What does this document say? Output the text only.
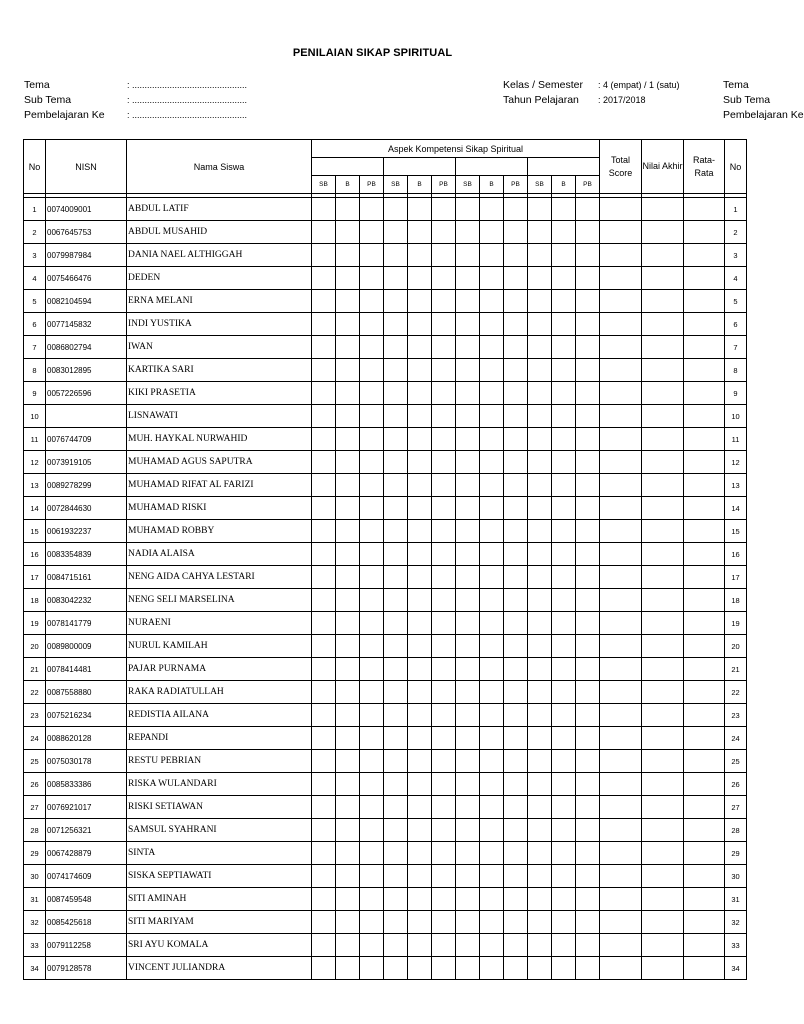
PENILAIAN SIKAP SPIRITUAL
Tema	: ..............................................
Sub Tema	: ..............................................
Pembelajaran Ke : ..............................................
Kelas / Semester : 4 (empat) / 1 (satu)
Tahun Pelajaran : 2017/2018
Tema
Sub Tema
Pembelajaran Ke
No	NISN	Nama Siswa	Aspek Kompetensi Sikap Spiritual												Total Score	Nilai Akhir	Rata-Rata	No

			SB	B	PB	SB	B	PB	SB	B	PB	SB	B	PB				

1	0074009001	ABDUL LATIF																1
2	0067645753	ABDUL MUSAHID																2
3	0079987984	DANIA NAEL ALTHIGGAH																3
4	0075466476	DEDEN																4
5	0082104594	ERNA MELANI																5
6	0077145832	INDI YUSTIKA																6
7	0086802794	IWAN																7
8	0083012895	KARTIKA SARI																8
9	0057226596	KIKI PRASETIA																9
10		LISNAWATI																10
11	0076744709	MUH. HAYKAL NURWAHID																11
12	0073919105	MUHAMAD AGUS SAPUTRA																12
13	0089278299	MUHAMAD RIFAT AL FARIZI																13
14	0072844630	MUHAMAD RISKI																14
15	0061932237	MUHAMAD ROBBY																15
16	0083354839	NADIA ALAISA																16
17	0084715161	NENG AIDA CAHYA LESTARI																17
18	0083042232	NENG SELI MARSELINA																18
19	0078141779	NURAENI																19
20	0089800009	NURUL KAMILAH																20
21	0078414481	PAJAR PURNAMA																21
22	0087558880	RAKA RADIATULLAH																22
23	0075216234	REDISTIA AILANA																23
24	0088620128	REPANDI																24
25	0075030178	RESTU PEBRIAN																25
26	0085833386	RISKA WULANDARI																26
27	0076921017	RISKI SETIAWAN																27
28	0071256321	SAMSUL SYAHRANI																28
29	0067428879	SINTA																29
30	0074174609	SISKA SEPTIAWATI																30
31	0087459548	SITI AMINAH																31
32	0085425618	SITI MARIYAM																32
33	0079112258	SRI AYU KOMALA																33
34	0079128578	VINCENT JULIANDRA																34
